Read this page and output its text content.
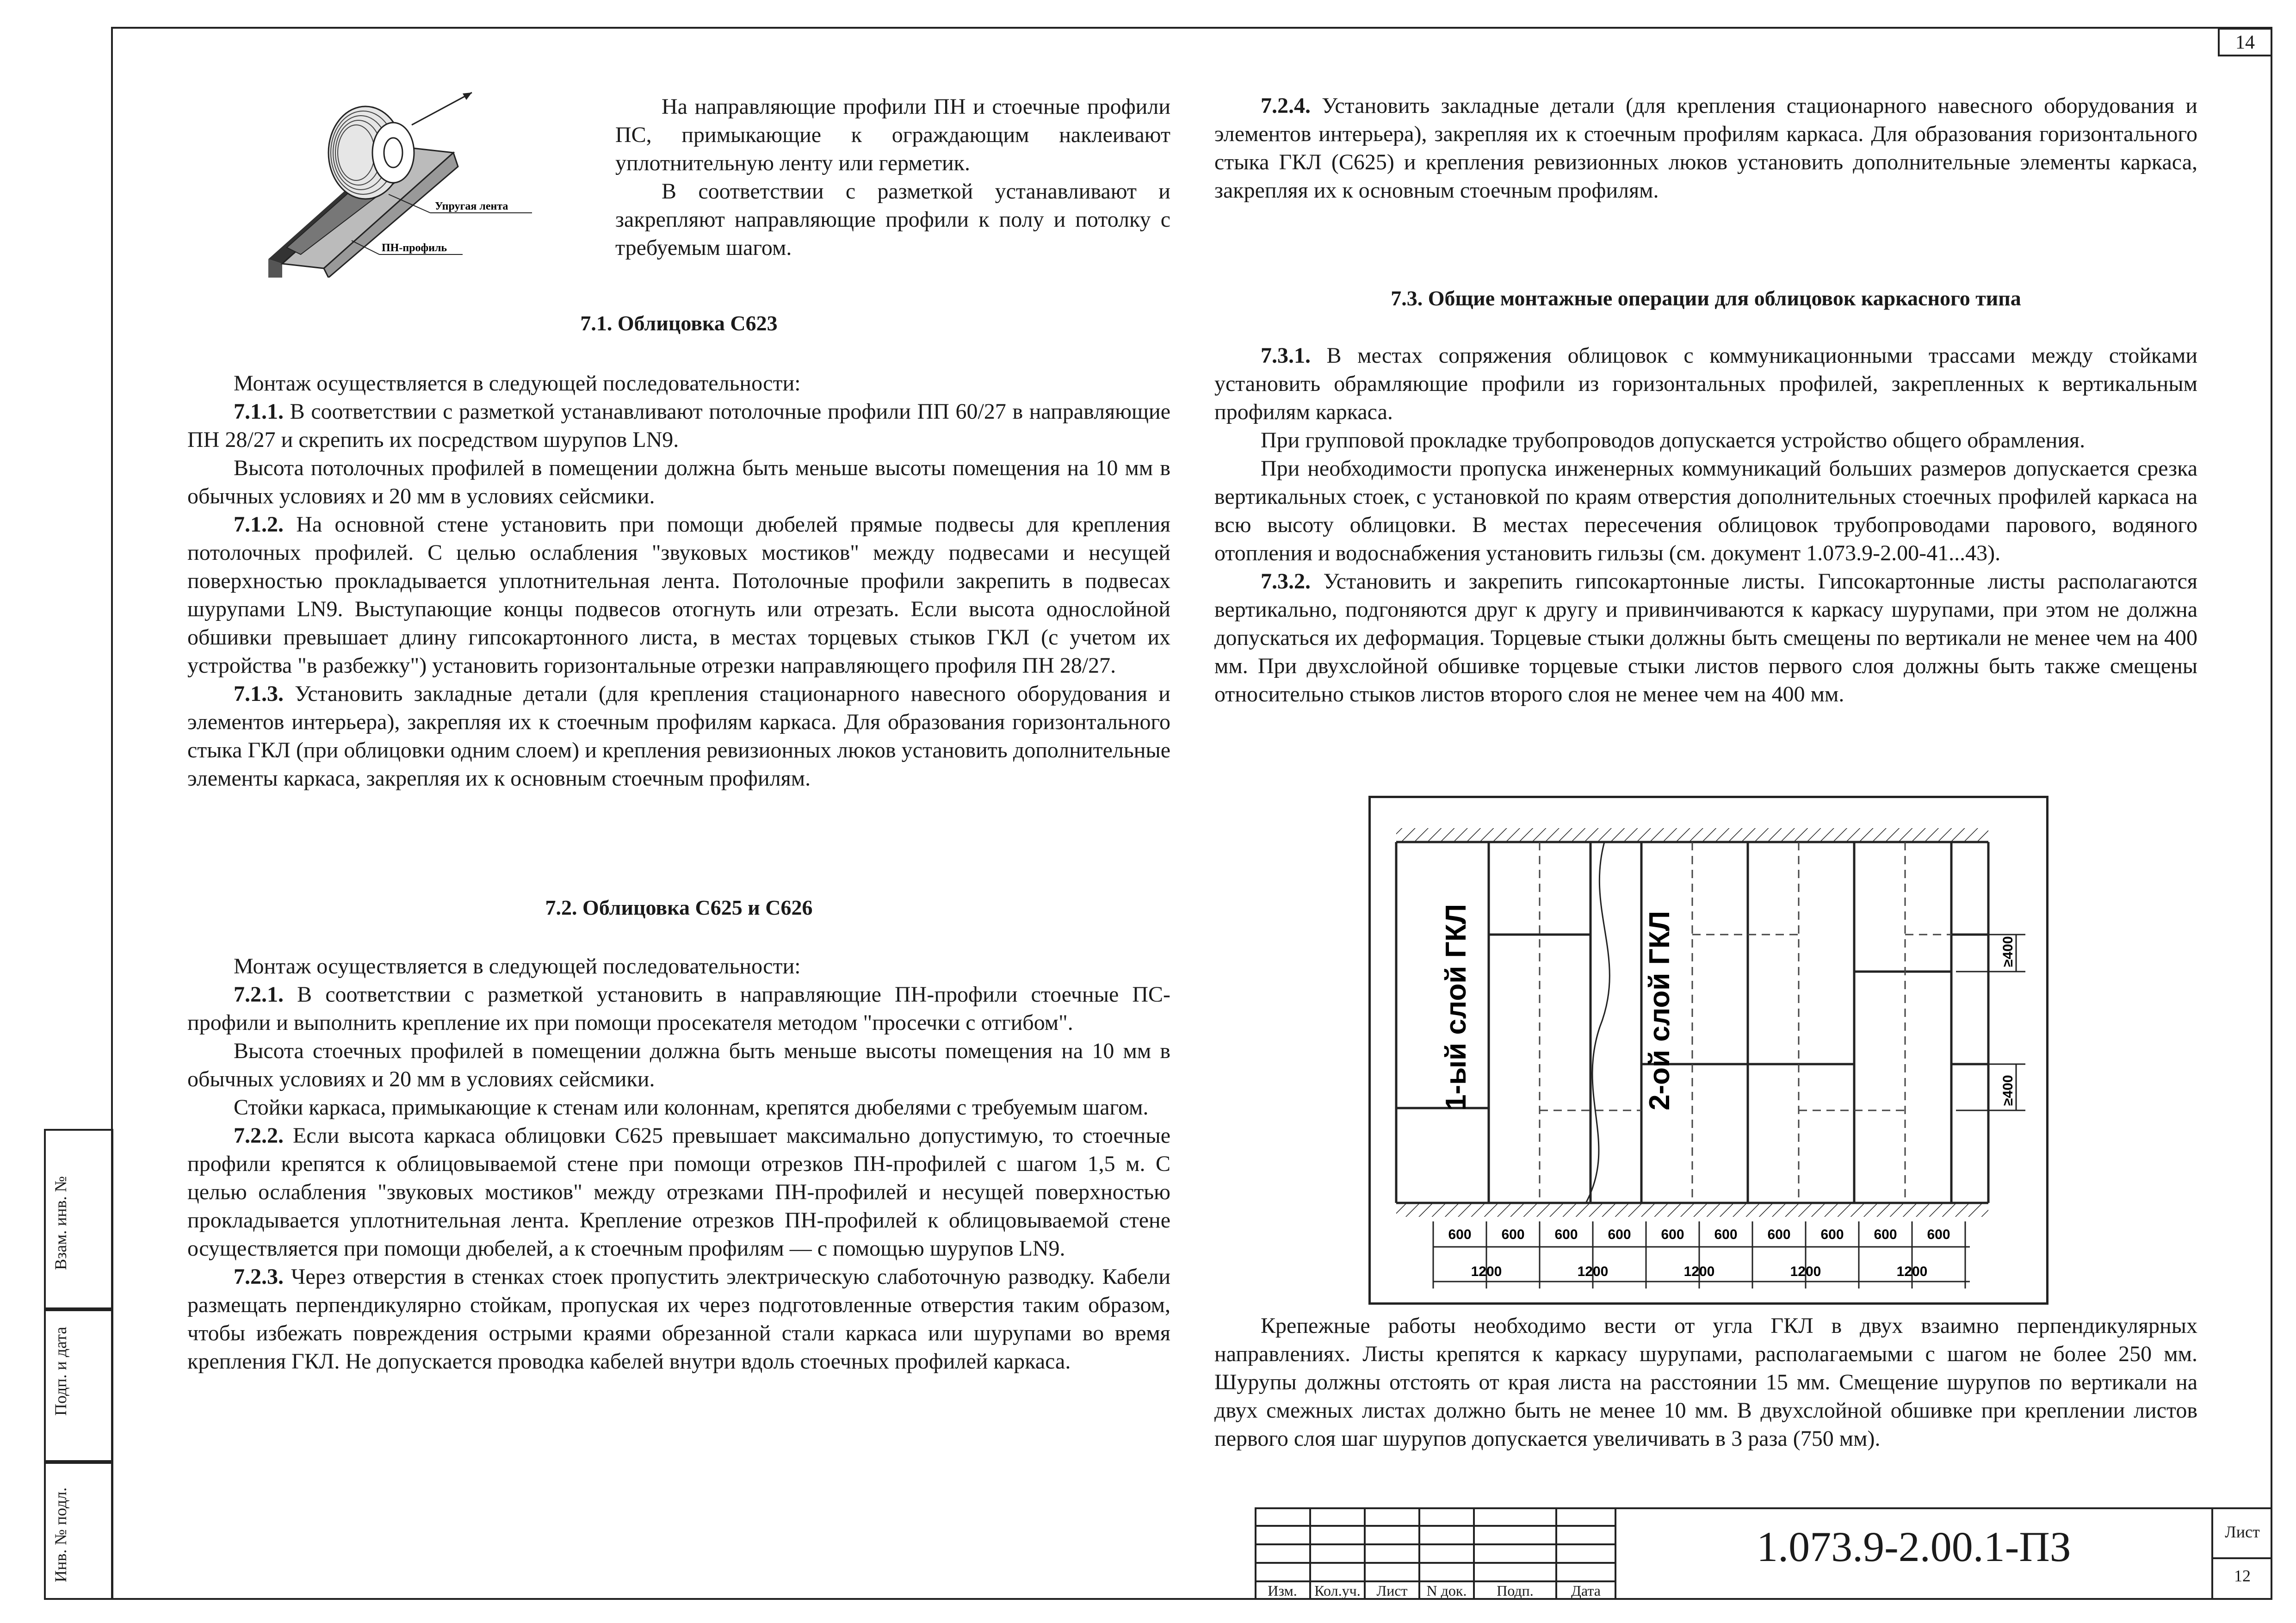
14
Взам. инв. №
Подп. и дата
Инв. № подл.
Упругая лента
ПН-профиль

На направляющие профили ПН и стоечные профили ПС, примыкающие к ограждающим наклеивают уплотнительную ленту или герметик.

В соответствии с разметкой устанавливают и закрепляют направляющие профили к полу и потолку с требуемым шагом.

7.1. Облицовка С623

Монтаж осуществляется в следующей последовательности:

7.1.1. В соответствии с разметкой устанавливают потолочные профили ПП 60/27 в направляющие ПН 28/27 и скрепить их посредством шурупов LN9.

Высота потолочных профилей в помещении должна быть меньше высоты помещения на 10 мм в обычных условиях и 20 мм в условиях сейсмики.

7.1.2. На основной стене установить при помощи дюбелей прямые подвесы для крепления потолочных профилей. С целью ослабления "звуковых мостиков" между подвесами и несущей поверхностью прокладывается уплотнительная лента. Потолочные профили закрепить в подвесах шурупами LN9. Выступающие концы подвесов отогнуть или отрезать. Если высота однослойной обшивки превышает длину гипсокартонного листа, в местах торцевых стыков ГКЛ (с учетом их устройства "в разбежку") установить горизонтальные отрезки направляющего профиля ПН 28/27.

7.1.3. Установить закладные детали (для крепления стационарного навесного оборудования и элементов интерьера), закрепляя их к стоечным профилям каркаса. Для образования горизонтального стыка ГКЛ (при облицовки одним слоем) и крепления ревизионных люков установить дополнительные элементы каркаса, закрепляя их к основным стоечным профилям.

7.2. Облицовка С625 и С626

Монтаж осуществляется в следующей последовательности:

7.2.1. В соответствии с разметкой установить в направляющие ПН-профили стоечные ПС-профили и выполнить крепление их при помощи просекателя методом "просечки с отгибом".

Высота стоечных профилей в помещении должна быть меньше высоты помещения на 10 мм в обычных условиях и 20 мм в условиях сейсмики.

Стойки каркаса, примыкающие к стенам или колоннам, крепятся дюбелями с требуемым шагом.

7.2.2. Если высота каркаса облицовки С625 превышает максимально допустимую, то стоечные профили крепятся к облицовываемой стене при помощи отрезков ПН-профилей с шагом 1,5 м. С целью ослабления "звуковых мостиков" между отрезками ПН-профилей и несущей поверхностью прокладывается уплотнительная лента. Крепление отрезков ПН-профилей к облицовываемой стене осуществляется при помощи дюбелей, а к стоечным профилям — с помощью шурупов LN9.

7.2.3. Через отверстия в стенках стоек пропустить электрическую слаботочную разводку. Кабели размещать перпендикулярно стойкам, пропуская их через подготовленные отверстия таким образом, чтобы избежать повреждения острыми краями обрезанной стали каркаса или шурупами во время крепления ГКЛ. Не допускается проводка кабелей внутри вдоль стоечных профилей каркаса.

7.2.4. Установить закладные детали (для крепления стационарного навесного оборудования и элементов интерьера), закрепляя их к стоечным профилям каркаса. Для образования горизонтального стыка ГКЛ (С625) и крепления ревизионных люков установить дополнительные элементы каркаса, закрепляя их к основным стоечным профилям.

7.3. Общие монтажные операции для облицовок каркасного типа

7.3.1. В местах сопряжения облицовок с коммуникационными трассами между стойками установить обрамляющие профили из горизонтальных профилей, закрепленных к вертикальным профилям каркаса.

При групповой прокладке трубопроводов допускается устройство общего обрамления.

При необходимости пропуска инженерных коммуникаций больших размеров допускается срезка вертикальных стоек, с установкой по краям отверстия дополнительных стоечных профилей каркаса на всю высоту облицовки. В местах пересечения облицовок трубопроводами парового, водяного отопления и водоснабжения установить гильзы (см. документ 1.073.9-2.00-41...43).

7.3.2. Установить и закрепить гипсокартонные листы. Гипсокартонные листы располагаются вертикально, подгоняются друг к другу и привинчиваются к каркасу шурупами, при этом не должна допускаться их деформация. Торцевые стыки должны быть смещены по вертикали не менее чем на 400 мм. При двухслойной обшивке торцевые стыки листов первого слоя должны быть также смещены относительно стыков листов второго слоя не менее чем на 400 мм.

≥400
≥400
1-ый слой ГКЛ	2-ой слой ГКЛ
600 600 600 600 600 600 600 600 600 600
1200	1200	1200	1200	1200

Крепежные работы необходимо вести от угла ГКЛ в двух взаимно перпендикулярных направлениях. Листы крепятся к каркасу шурупами, располагаемыми с шагом не более 250 мм. Шурупы должны отстоять от края листа на расстоянии 15 мм. Смещение шурупов по вертикали на двух смежных листах должно быть не менее 10 мм. В двухслойной обшивке при креплении листов первого слоя шаг шурупов допускается увеличивать в 3 раза (750 мм).

Изм.	Кол.уч.	Лист	N док.	Подп.	Дата
1.073.9-2.00.1-ПЗ	Лист
12
